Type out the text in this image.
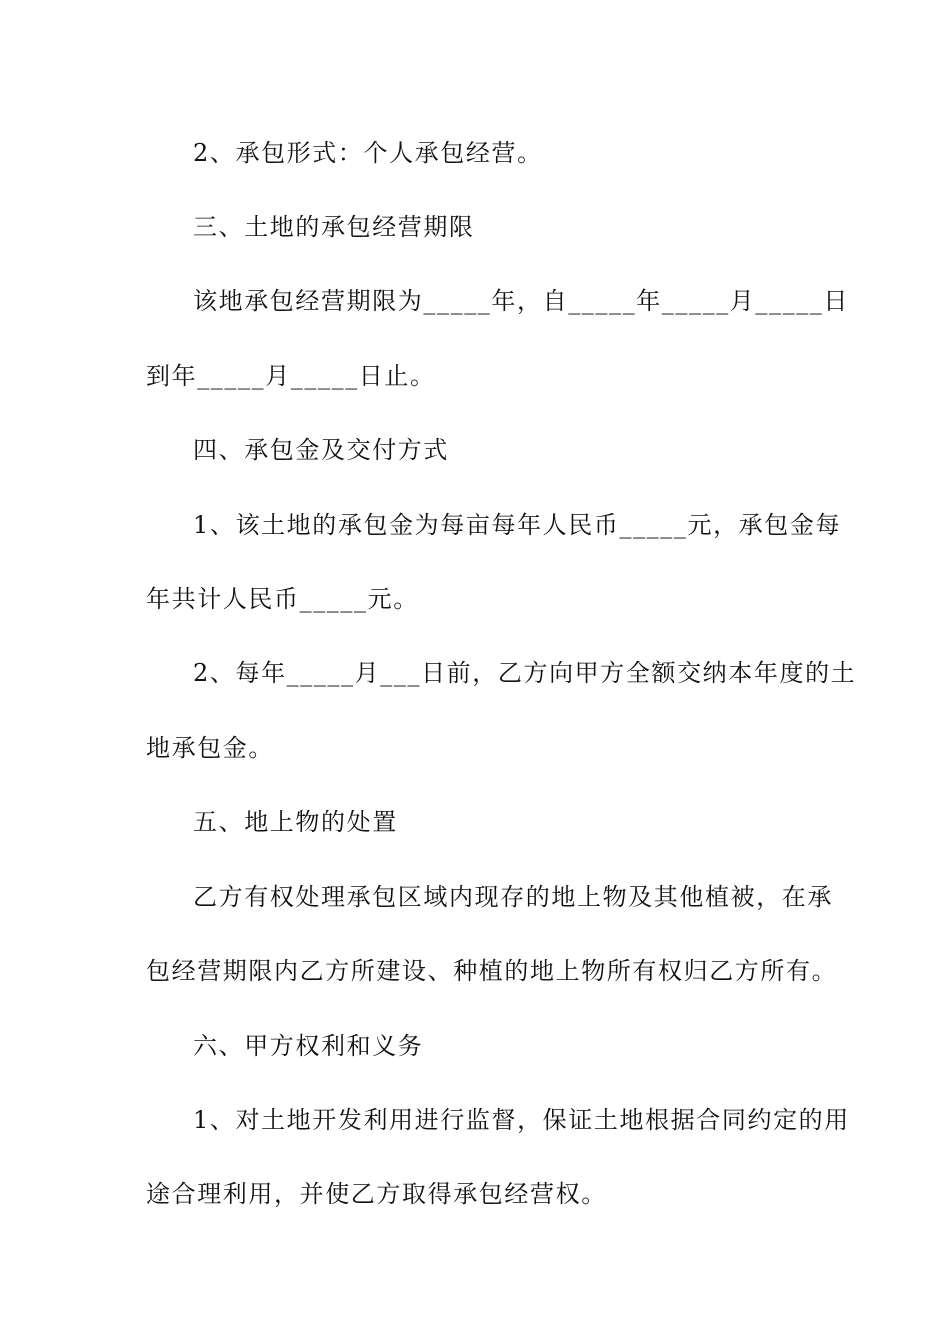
2、承包形式：个人承包经营。
三、土地的承包经营期限
该地承包经营期限为_____年，自_____年_____月_____日
到年_____月_____日止。
四、承包金及交付方式
1、该土地的承包金为每亩每年人民币_____元，承包金每
年共计人民币_____元。
2、每年_____月___日前，乙方向甲方全额交纳本年度的土
地承包金。
五、地上物的处置
乙方有权处理承包区域内现存的地上物及其他植被，在承
包经营期限内乙方所建设、种植的地上物所有权归乙方所有。
六、甲方权利和义务
1、对土地开发利用进行监督，保证土地根据合同约定的用
途合理利用，并使乙方取得承包经营权。
